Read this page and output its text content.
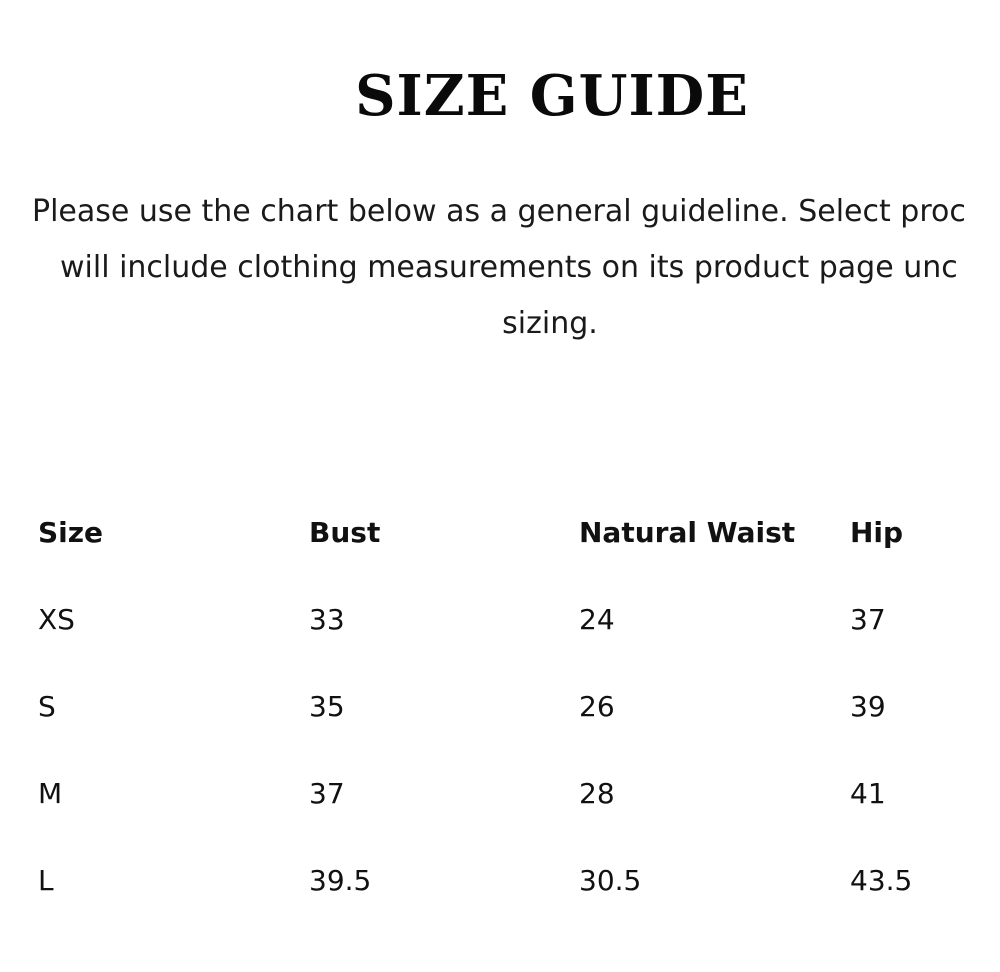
SIZE GUIDE
Please use the chart below as a general guideline. Select proc
will include clothing measurements on its product page unc
sizing.
Size	Bust	Natural Waist	Hip
XS	33	24	37
S	35	26	39
M	37	28	41
L	39.5	30.5	43.5
